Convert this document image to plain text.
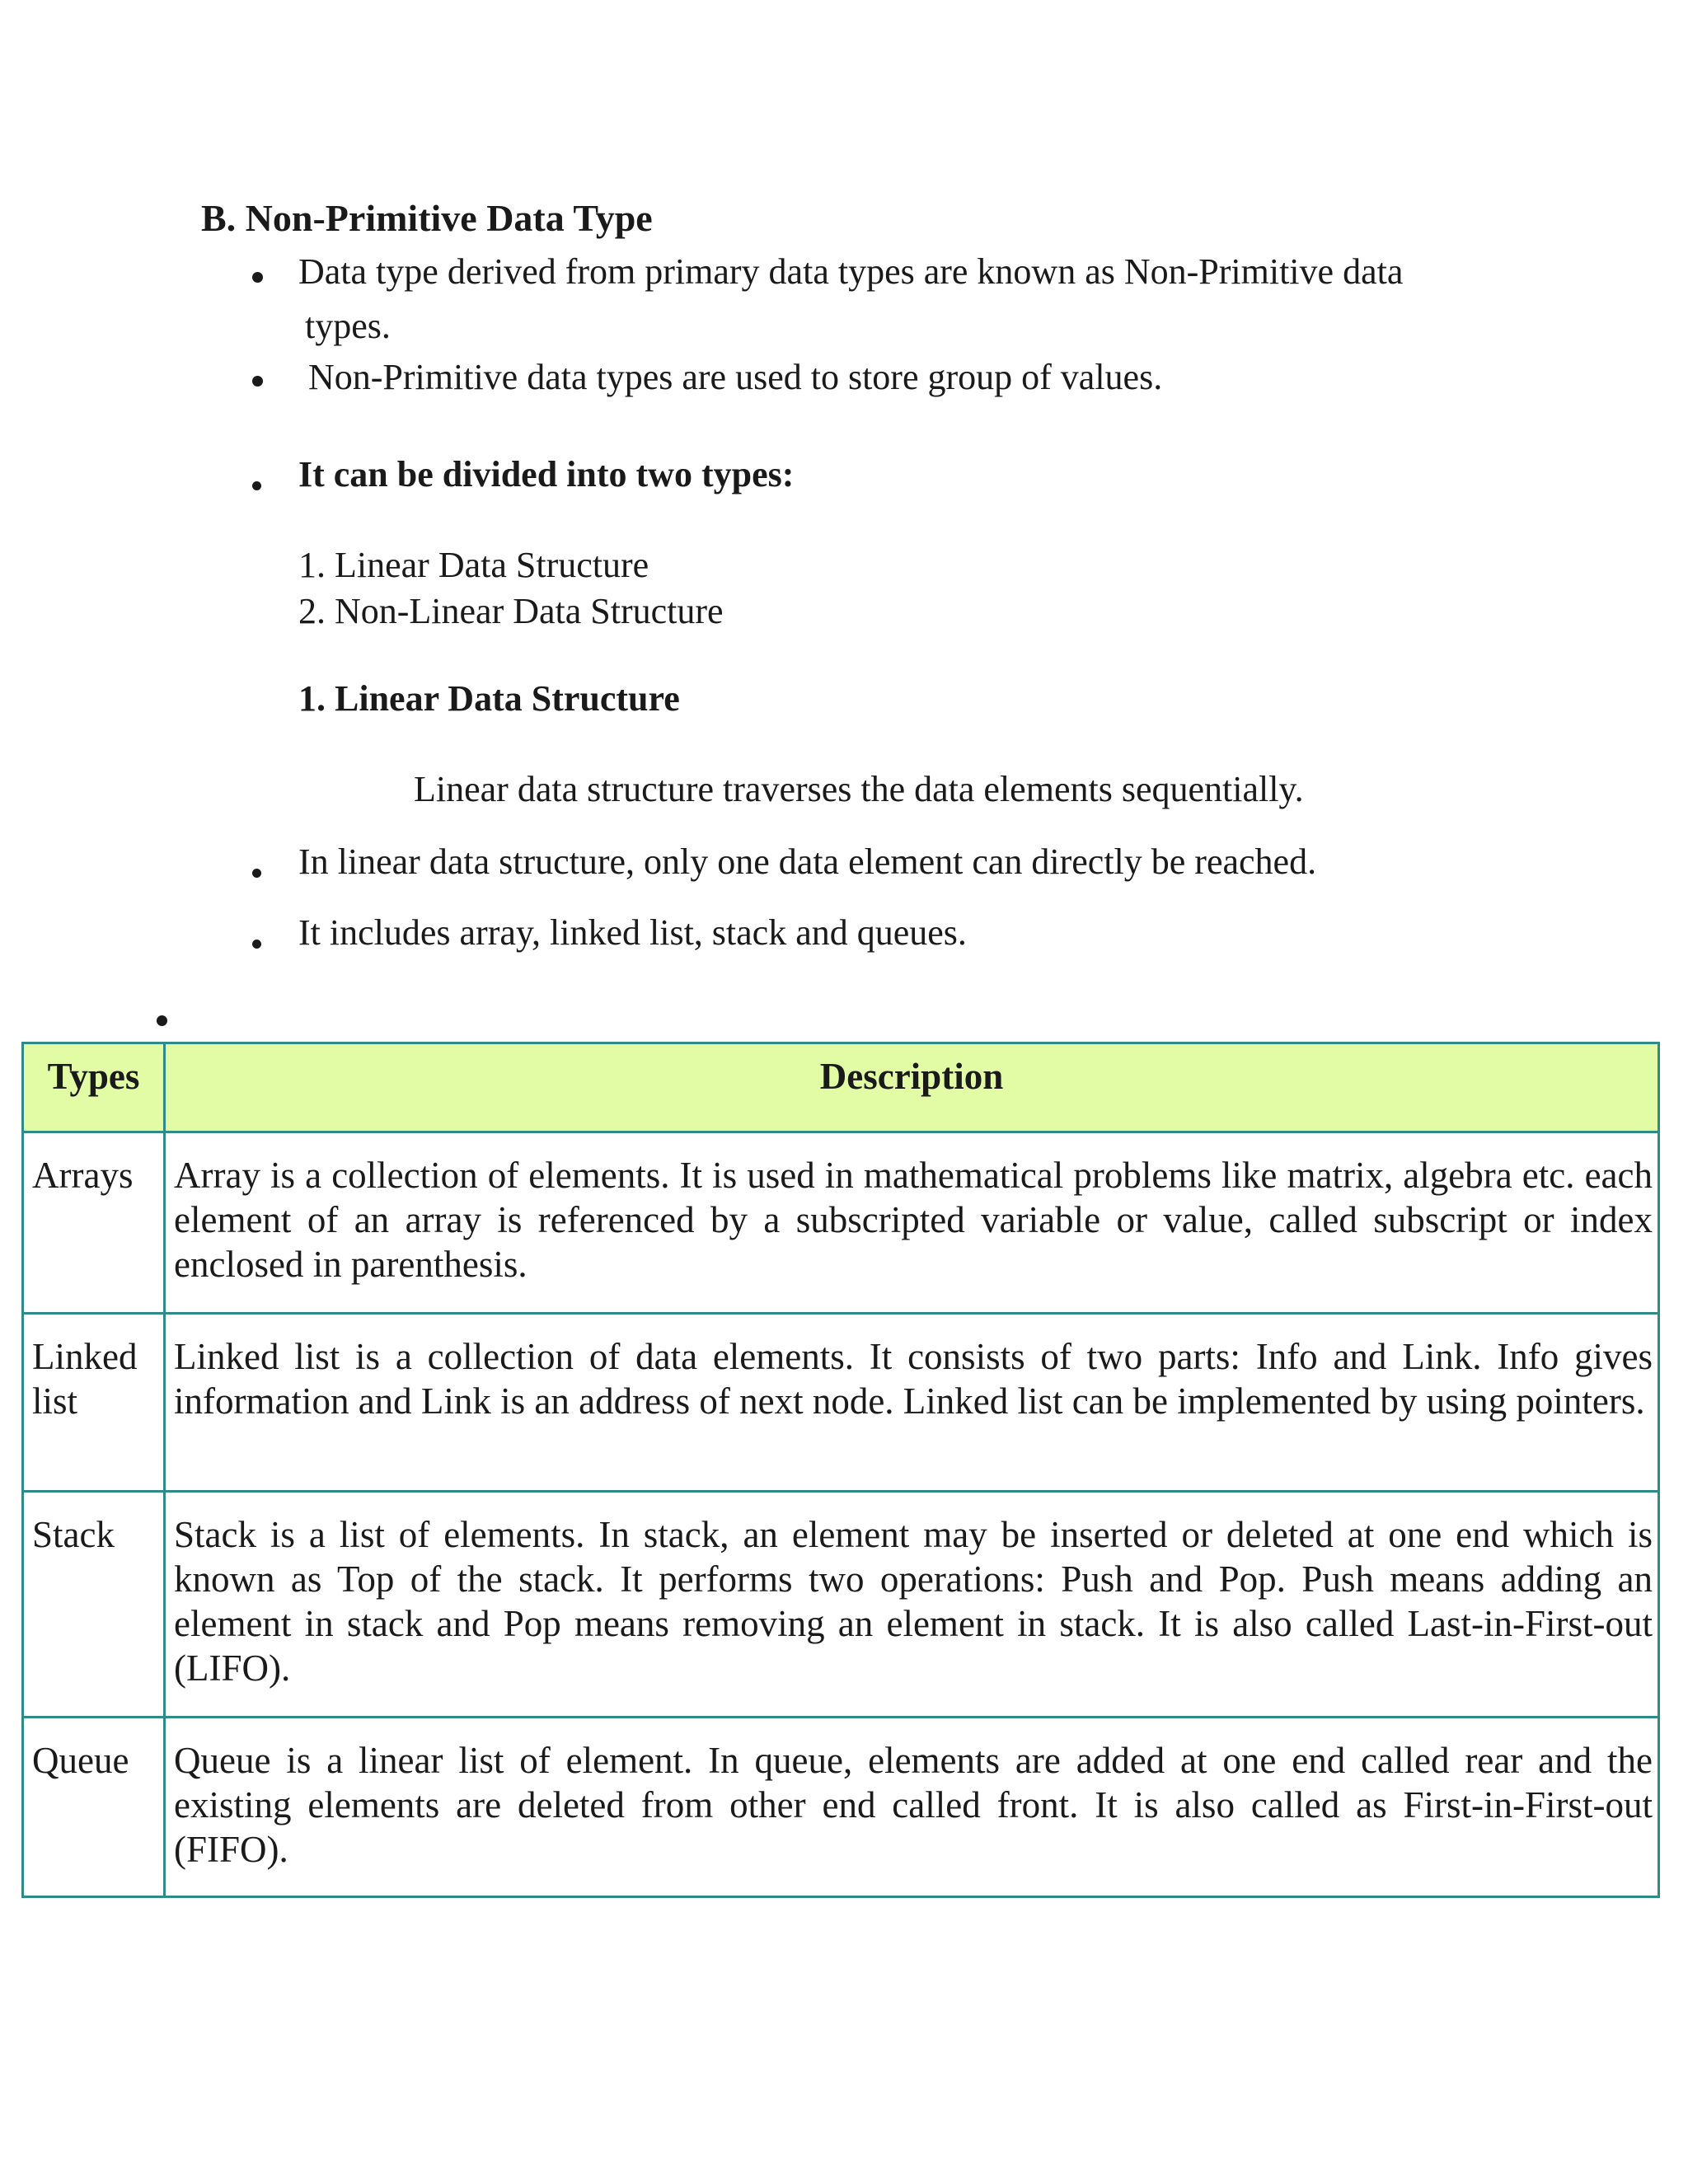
B. Non-Primitive Data Type
Data type derived from primary data types are known as Non-Primitive data
types.
Non-Primitive data types are used to store group of values.
It can be divided into two types:
1. Linear Data Structure
2. Non-Linear Data Structure
1. Linear Data Structure
Linear data structure traverses the data elements sequentially.
In linear data structure, only one data element can directly be reached.
It includes array, linked list, stack and queues.
Types	Description
Arrays	Array is a collection of elements. It is used in mathematical problems like matrix, algebra etc. each element of an array is referenced by a subscripted variable or value, called subscript or index enclosed in parenthesis.
Linked list	Linked list is a collection of data elements. It consists of two parts: Info and Link. Info gives information and Link is an address of next node. Linked list can be implemented by using pointers.
Stack	Stack is a list of elements. In stack, an element may be inserted or deleted at one end which is known as Top of the stack. It performs two operations: Push and Pop. Push means adding an element in stack and Pop means removing an element in stack. It is also called Last-in-First-out (LIFO).
Queue	Queue is a linear list of element. In queue, elements are added at one end called rear and the existing elements are deleted from other end called front. It is also called as First-in-First-out (FIFO).
